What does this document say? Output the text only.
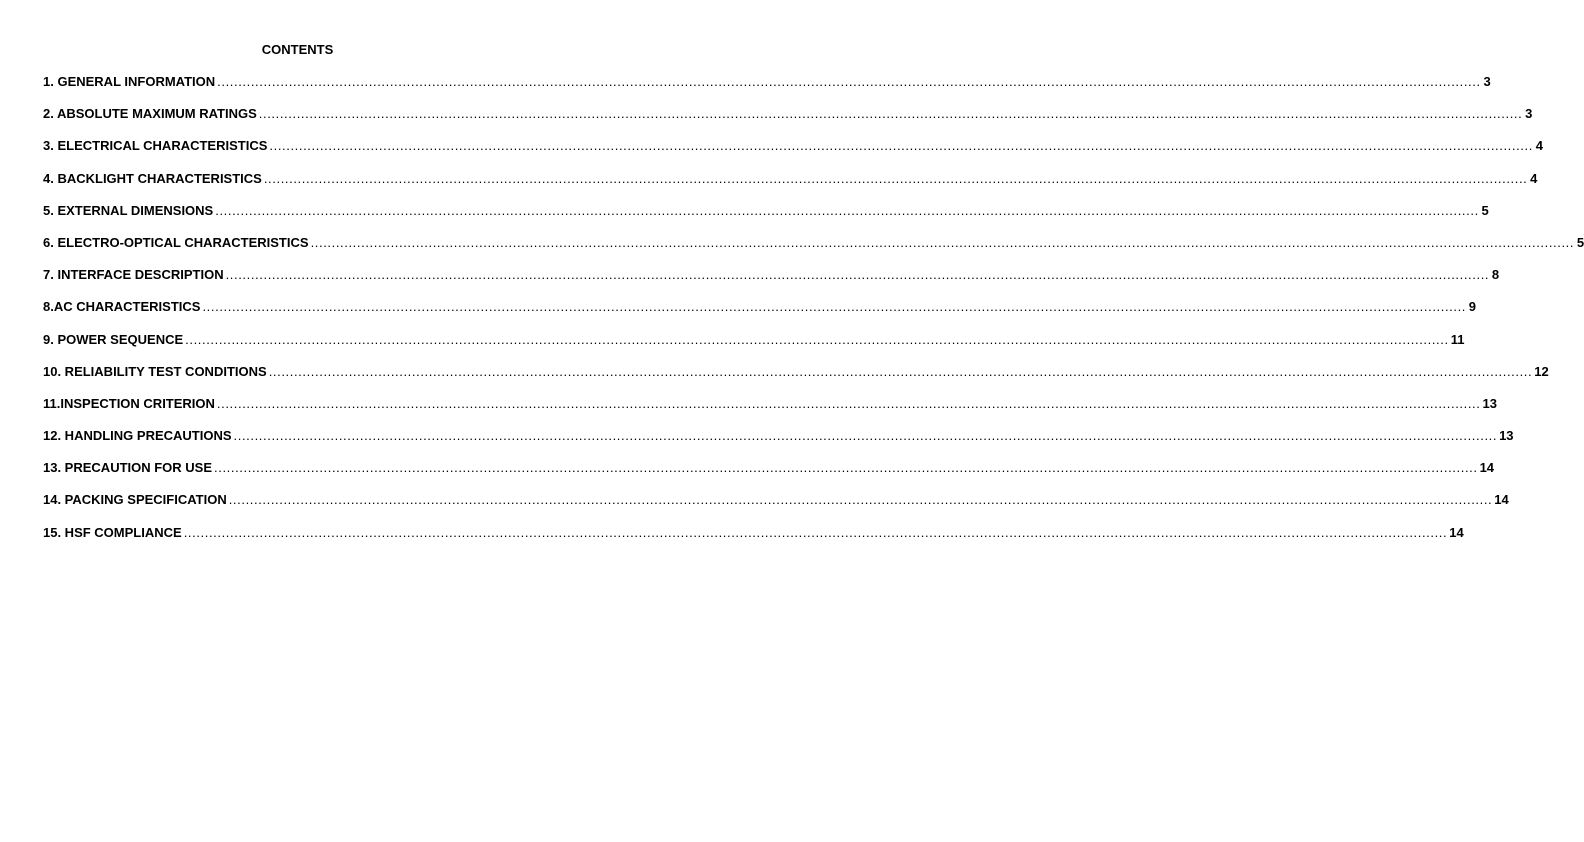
CONTENTS
1. GENERAL INFORMATION ............................................................................................................................................................................................................................................................................................................ 3
2. ABSOLUTE MAXIMUM RATINGS ............................................................................................................................................................................................................................................................................................................ 3
3. ELECTRICAL CHARACTERISTICS ............................................................................................................................................................................................................................................................................................................ 4
4. BACKLIGHT CHARACTERISTICS ............................................................................................................................................................................................................................................................................................................ 4
5. EXTERNAL DIMENSIONS ............................................................................................................................................................................................................................................................................................................ 5
6. ELECTRO-OPTICAL CHARACTERISTICS ............................................................................................................................................................................................................................................................................................................ 5
7. INTERFACE DESCRIPTION ............................................................................................................................................................................................................................................................................................................ 8
8.AC CHARACTERISTICS ............................................................................................................................................................................................................................................................................................................ 9
9. POWER SEQUENCE ............................................................................................................................................................................................................................................................................................................ 11
10. RELIABILITY TEST CONDITIONS ............................................................................................................................................................................................................................................................................................................ 12
11.INSPECTION CRITERION ............................................................................................................................................................................................................................................................................................................ 13
12. HANDLING PRECAUTIONS ............................................................................................................................................................................................................................................................................................................ 13
13. PRECAUTION FOR USE ............................................................................................................................................................................................................................................................................................................ 14
14. PACKING SPECIFICATION ............................................................................................................................................................................................................................................................................................................ 14
15. HSF COMPLIANCE ............................................................................................................................................................................................................................................................................................................ 14
